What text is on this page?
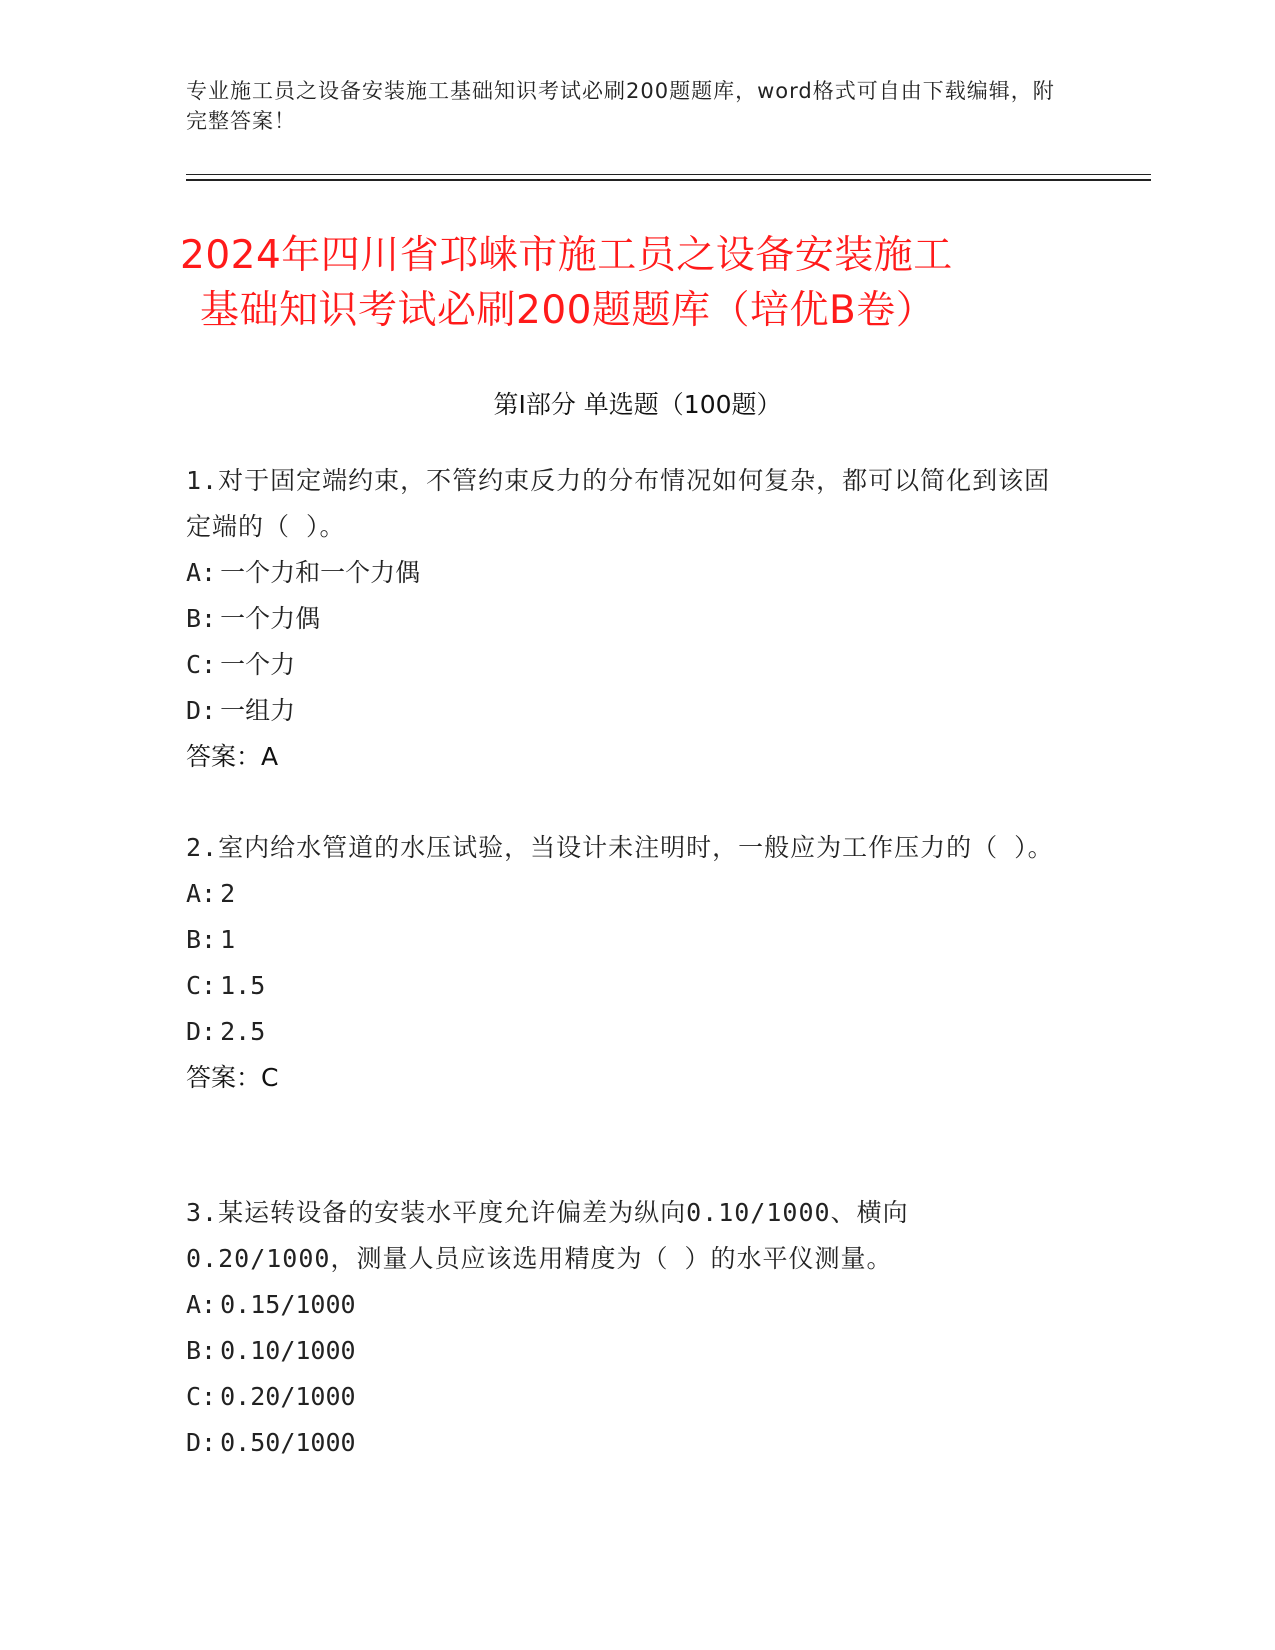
专业施工员之设备安装施工基础知识考试必刷200题题库，word格式可自由下载编辑，附完整答案！
2024年四川省邛崃市施工员之设备安装施工
基础知识考试必刷200题题库（培优B卷）
第Ⅰ部分 单选题（100题）

1.对于固定端约束，不管约束反力的分布情况如何复杂，都可以简化到该固定端的（ ）。

A: 一个力和一个力偶

B: 一个力偶

C: 一个力

D: 一组力

答案：A

2.室内给水管道的水压试验，当设计未注明时，一般应为工作压力的（ ）。

A: 2

B: 1

C: 1.5

D: 2.5

答案：C

3.某运转设备的安装水平度允许偏差为纵向0.10/1000、横向0.20/1000，测量人员应该选用精度为（ ）的水平仪测量。

A: 0.15/1000

B: 0.10/1000

C: 0.20/1000

D: 0.50/1000
